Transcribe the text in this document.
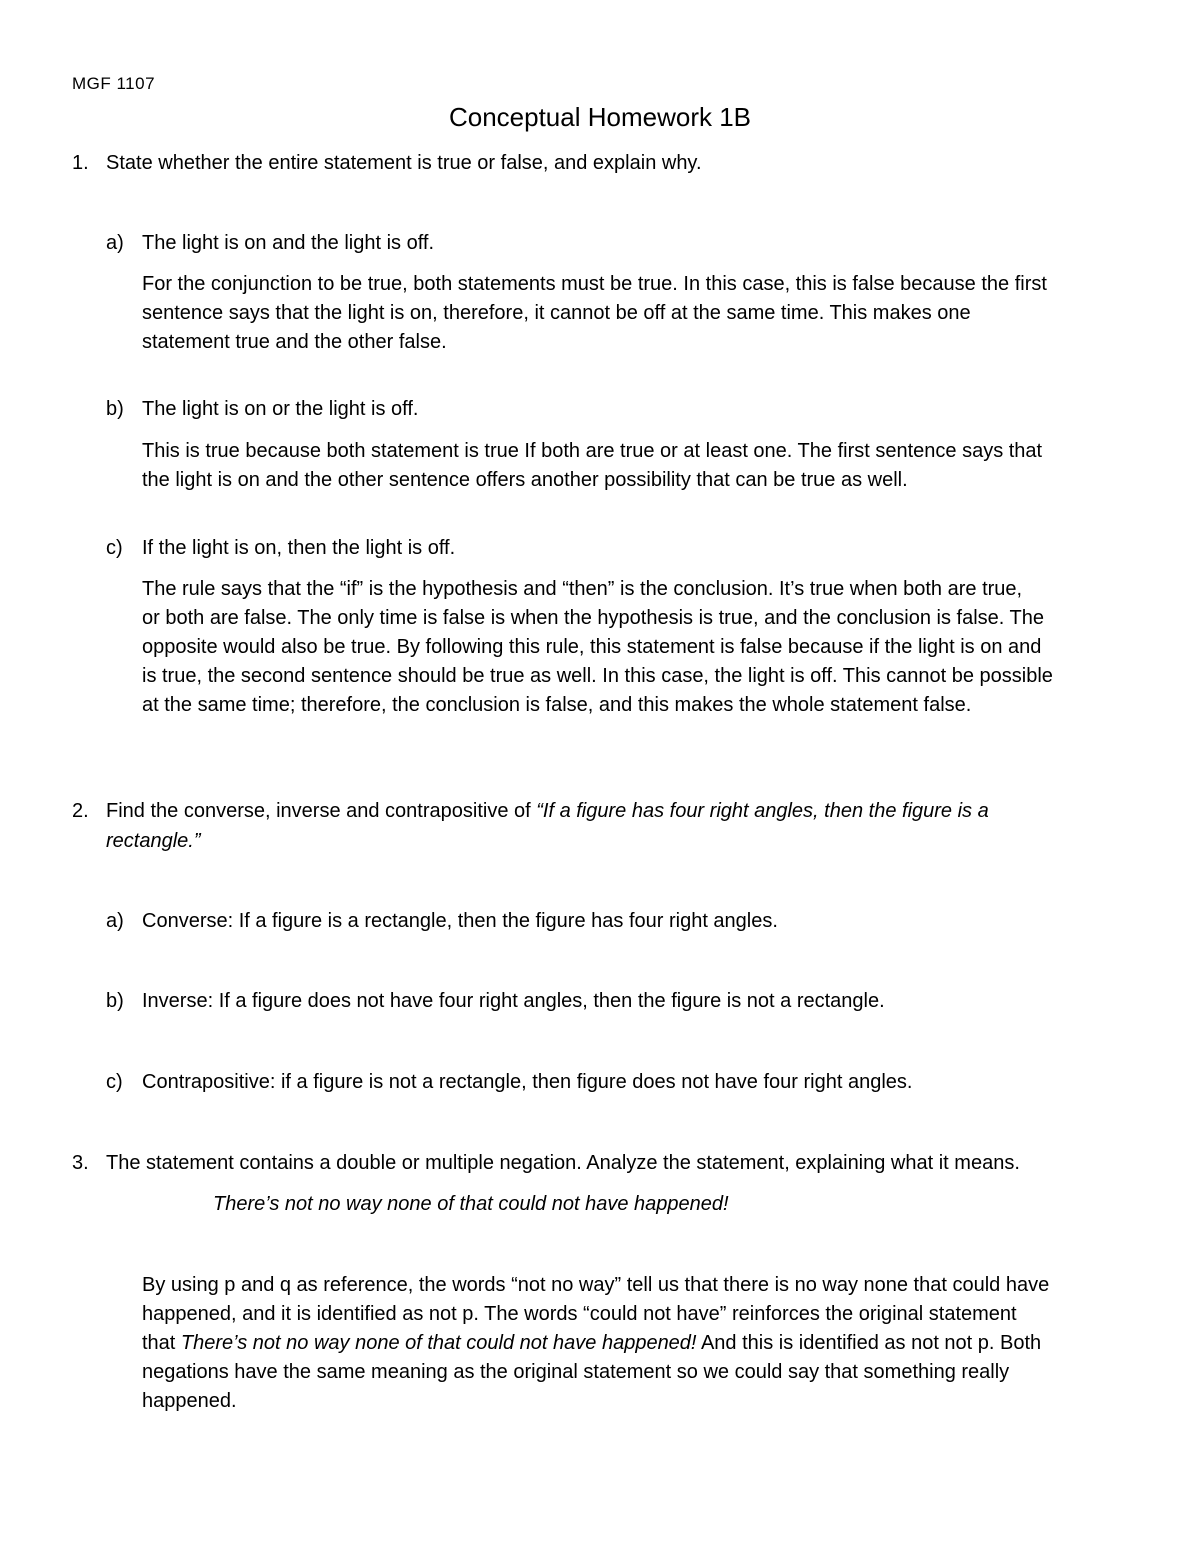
MGF 1107
Conceptual Homework 1B
1. State whether the entire statement is true or false, and explain why.
a) The light is on and the light is off.
For the conjunction to be true, both statements must be true. In this case, this is false because the first
sentence says that the light is on, therefore, it cannot be off at the same time. This makes one
statement true and the other false.
b) The light is on or the light is off.
This is true because both statement is true If both are true or at least one. The first sentence says that
the light is on and the other sentence offers another possibility that can be true as well.
c) If the light is on, then the light is off.
The rule says that the “if” is the hypothesis and “then” is the conclusion. It’s true when both are true,
or both are false. The only time is false is when the hypothesis is true, and the conclusion is false. The
opposite would also be true. By following this rule, this statement is false because if the light is on and
is true, the second sentence should be true as well. In this case, the light is off. This cannot be possible
at the same time; therefore, the conclusion is false, and this makes the whole statement false.
2. Find the converse, inverse and contrapositive of “If a figure has four right angles, then the figure is a
rectangle.”
a) Converse: If a figure is a rectangle, then the figure has four right angles.
b) Inverse: If a figure does not have four right angles, then the figure is not a rectangle.
c) Contrapositive: if a figure is not a rectangle, then figure does not have four right angles.
3. The statement contains a double or multiple negation. Analyze the statement, explaining what it means.
There’s not no way none of that could not have happened!
By using p and q as reference, the words “not no way” tell us that there is no way none that could have
happened, and it is identified as not p. The words “could not have” reinforces the original statement
that There’s not no way none of that could not have happened! And this is identified as not not p. Both
negations have the same meaning as the original statement so we could say that something really
happened.
